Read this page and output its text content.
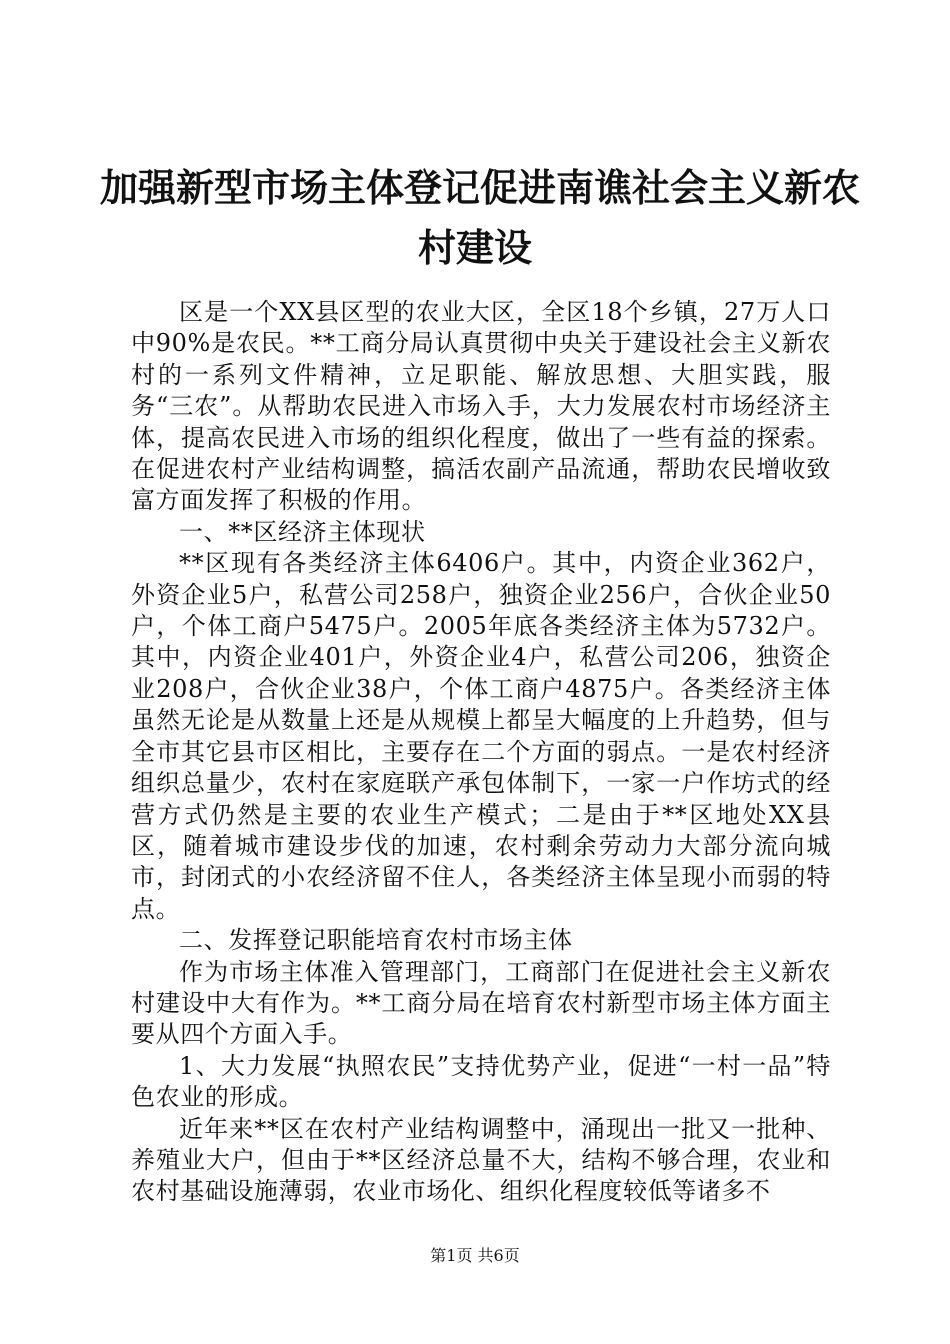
加强新型市场主体登记促进南谯社会主义新农
村建设

区是一个XX县区型的农业大区，全区18个乡镇，27万人口中90%是农民。**工商分局认真贯彻中央关于建设社会主义新农村的一系列文件精神，立足职能、解放思想、大胆实践，服务“三农”。从帮助农民进入市场入手，大力发展农村市场经济主体，提高农民进入市场的组织化程度，做出了一些有益的探索。在促进农村产业结构调整，搞活农副产品流通，帮助农民增收致富方面发挥了积极的作用。

一、**区经济主体现状

**区现有各类经济主体6406户。其中，内资企业362户，外资企业5户，私营公司258户，独资企业256户，合伙企业50户，个体工商户5475户。2005年底各类经济主体为5732户。其中，内资企业401户，外资企业4户，私营公司206，独资企业208户，合伙企业38户，个体工商户4875户。各类经济主体虽然无论是从数量上还是从规模上都呈大幅度的上升趋势，但与全市其它县市区相比，主要存在二个方面的弱点。一是农村经济组织总量少，农村在家庭联产承包体制下，一家一户作坊式的经营方式仍然是主要的农业生产模式；二是由于**区地处XX县区，随着城市建设步伐的加速，农村剩余劳动力大部分流向城市，封闭式的小农经济留不住人，各类经济主体呈现小而弱的特点。

二、发挥登记职能培育农村市场主体

作为市场主体准入管理部门，工商部门在促进社会主义新农村建设中大有作为。**工商分局在培育农村新型市场主体方面主要从四个方面入手。

1、大力发展“执照农民”支持优势产业，促进“一村一品”特色农业的形成。

近年来**区在农村产业结构调整中，涌现出一批又一批种、养殖业大户，但由于**区经济总量不大，结构不够合理，农业和农村基础设施薄弱，农业市场化、组织化程度较低等诸多不

第1页 共6页
